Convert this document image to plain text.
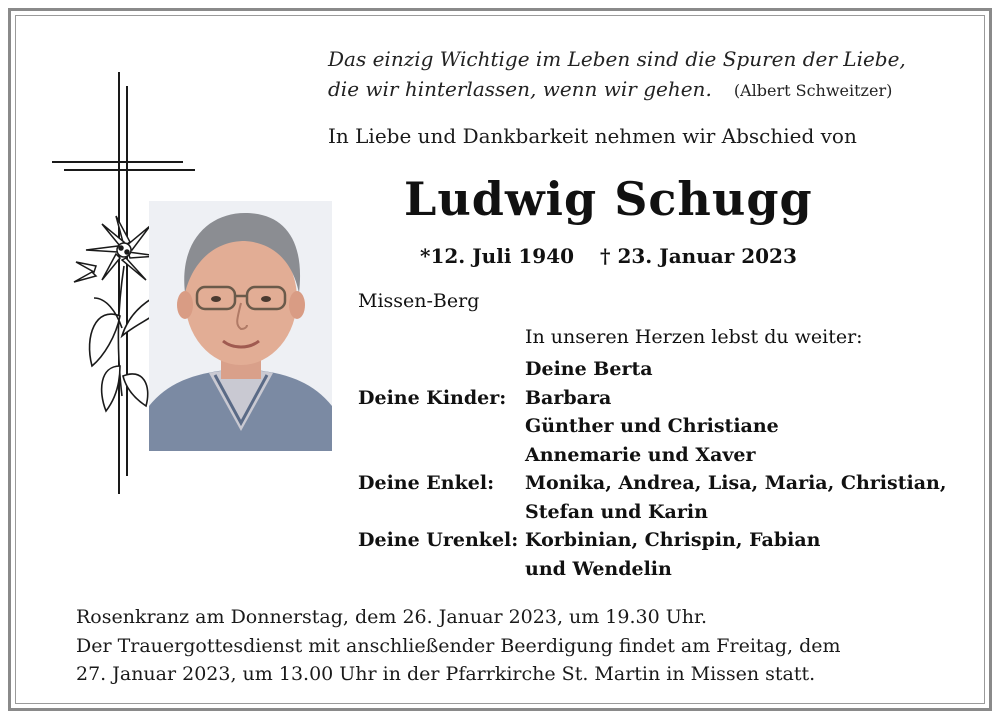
Das einzig Wichtige im Leben sind die Spuren der Liebe,
die wir hinterlassen, wenn wir gehen. (Albert Schweitzer)
In Liebe und Dankbarkeit nehmen wir Abschied von
Ludwig Schugg
*12. Juli 1940 † 23. Januar 2023
Missen-Berg
In unseren Herzen lebst du weiter:
Deine Berta
Deine Kinder: Barbara
Günther und Christiane
Annemarie und Xaver
Deine Enkel: Monika, Andrea, Lisa, Maria, Christian,
Stefan und Karin
Deine Urenkel: Korbinian, Chrispin, Fabian
und Wendelin
Rosenkranz am Donnerstag, dem 26. Januar 2023, um 19.30 Uhr.
Der Trauergottesdienst mit anschließender Beerdigung findet am Freitag, dem
27. Januar 2023, um 13.00 Uhr in der Pfarrkirche St. Martin in Missen statt.
